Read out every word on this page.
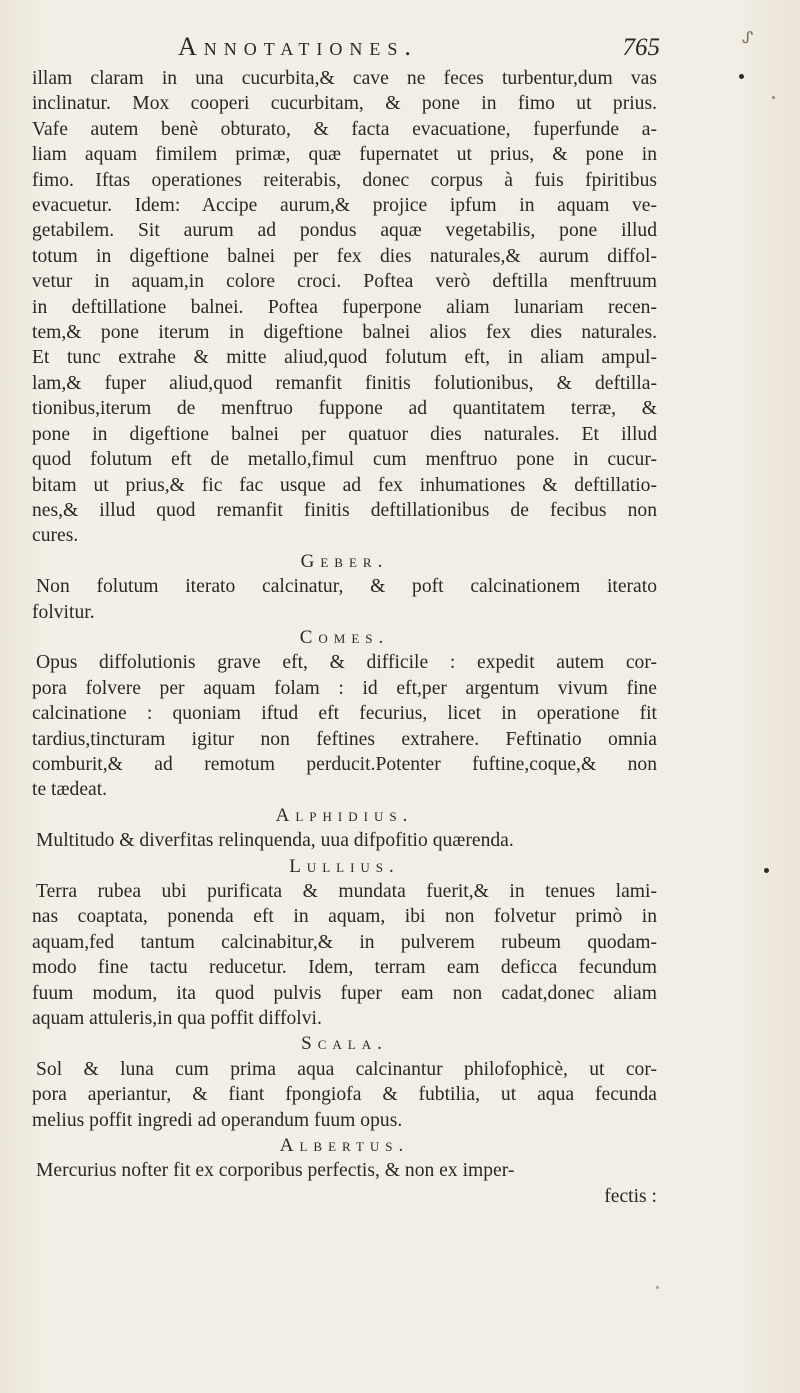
Annotationes.	765

illam claram in una cucurbita,& cave ne feces turbentur,dum vas

inclinatur. Mox cooperi cucurbitam, & pone in fimo ut prius.

Vafe autem benè obturato, & facta evacuatione, fuperfunde a-

liam aquam fimilem primæ, quæ fupernatet ut prius, & pone in

fimo. Iftas operationes reiterabis, donec corpus à fuis fpiritibus

evacuetur. Idem: Accipe aurum,& projice ipfum in aquam ve-

getabilem. Sit aurum ad pondus aquæ vegetabilis, pone illud

totum in digeftione balnei per fex dies naturales,& aurum diffol-

vetur in aquam,in colore croci. Poftea verò deftilla menftruum

in deftillatione balnei. Poftea fuperpone aliam lunariam recen-

tem,& pone iterum in digeftione balnei alios fex dies naturales.

Et tunc extrahe & mitte aliud,quod folutum eft, in aliam ampul-

lam,& fuper aliud,quod remanfit finitis folutionibus, & deftilla-

tionibus,iterum de menftruo fuppone ad quantitatem terræ, &

pone in digeftione balnei per quatuor dies naturales. Et illud

quod folutum eft de metallo,fimul cum menftruo pone in cucur-

bitam ut prius,& fic fac usque ad fex inhumationes & deftillatio-

nes,& illud quod remanfit finitis deftillationibus de fecibus non

cures.

Geber.

Non folutum iterato calcinatur, & poft calcinationem iterato

folvitur.

Comes.

Opus diffolutionis grave eft, & difficile : expedit autem cor-

pora folvere per aquam folam : id eft,per argentum vivum fine

calcinatione : quoniam iftud eft fecurius, licet in operatione fit

tardius,tincturam igitur non feftines extrahere. Feftinatio omnia

comburit,& ad remotum perducit.Potenter fuftine,coque,& non

te tædeat.

Alphidius.

Multitudo & diverfitas relinquenda, uua difpofitio quærenda.

Lullius.

Terra rubea ubi purificata & mundata fuerit,& in tenues lami-

nas coaptata, ponenda eft in aquam, ibi non folvetur primò in

aquam,fed tantum calcinabitur,& in pulverem rubeum quodam-

modo fine tactu reducetur. Idem, terram eam deficca fecundum

fuum modum, ita quod pulvis fuper eam non cadat,donec aliam

aquam attuleris,in qua poffit diffolvi.

Scala.

Sol & luna cum prima aqua calcinantur philofophicè, ut cor-

pora aperiantur, & fiant fpongiofa & fubtilia, ut aqua fecunda

melius poffit ingredi ad operandum fuum opus.

Albertus.

Mercurius nofter fit ex corporibus perfectis, & non ex imper-

fectis :

ᔑ
